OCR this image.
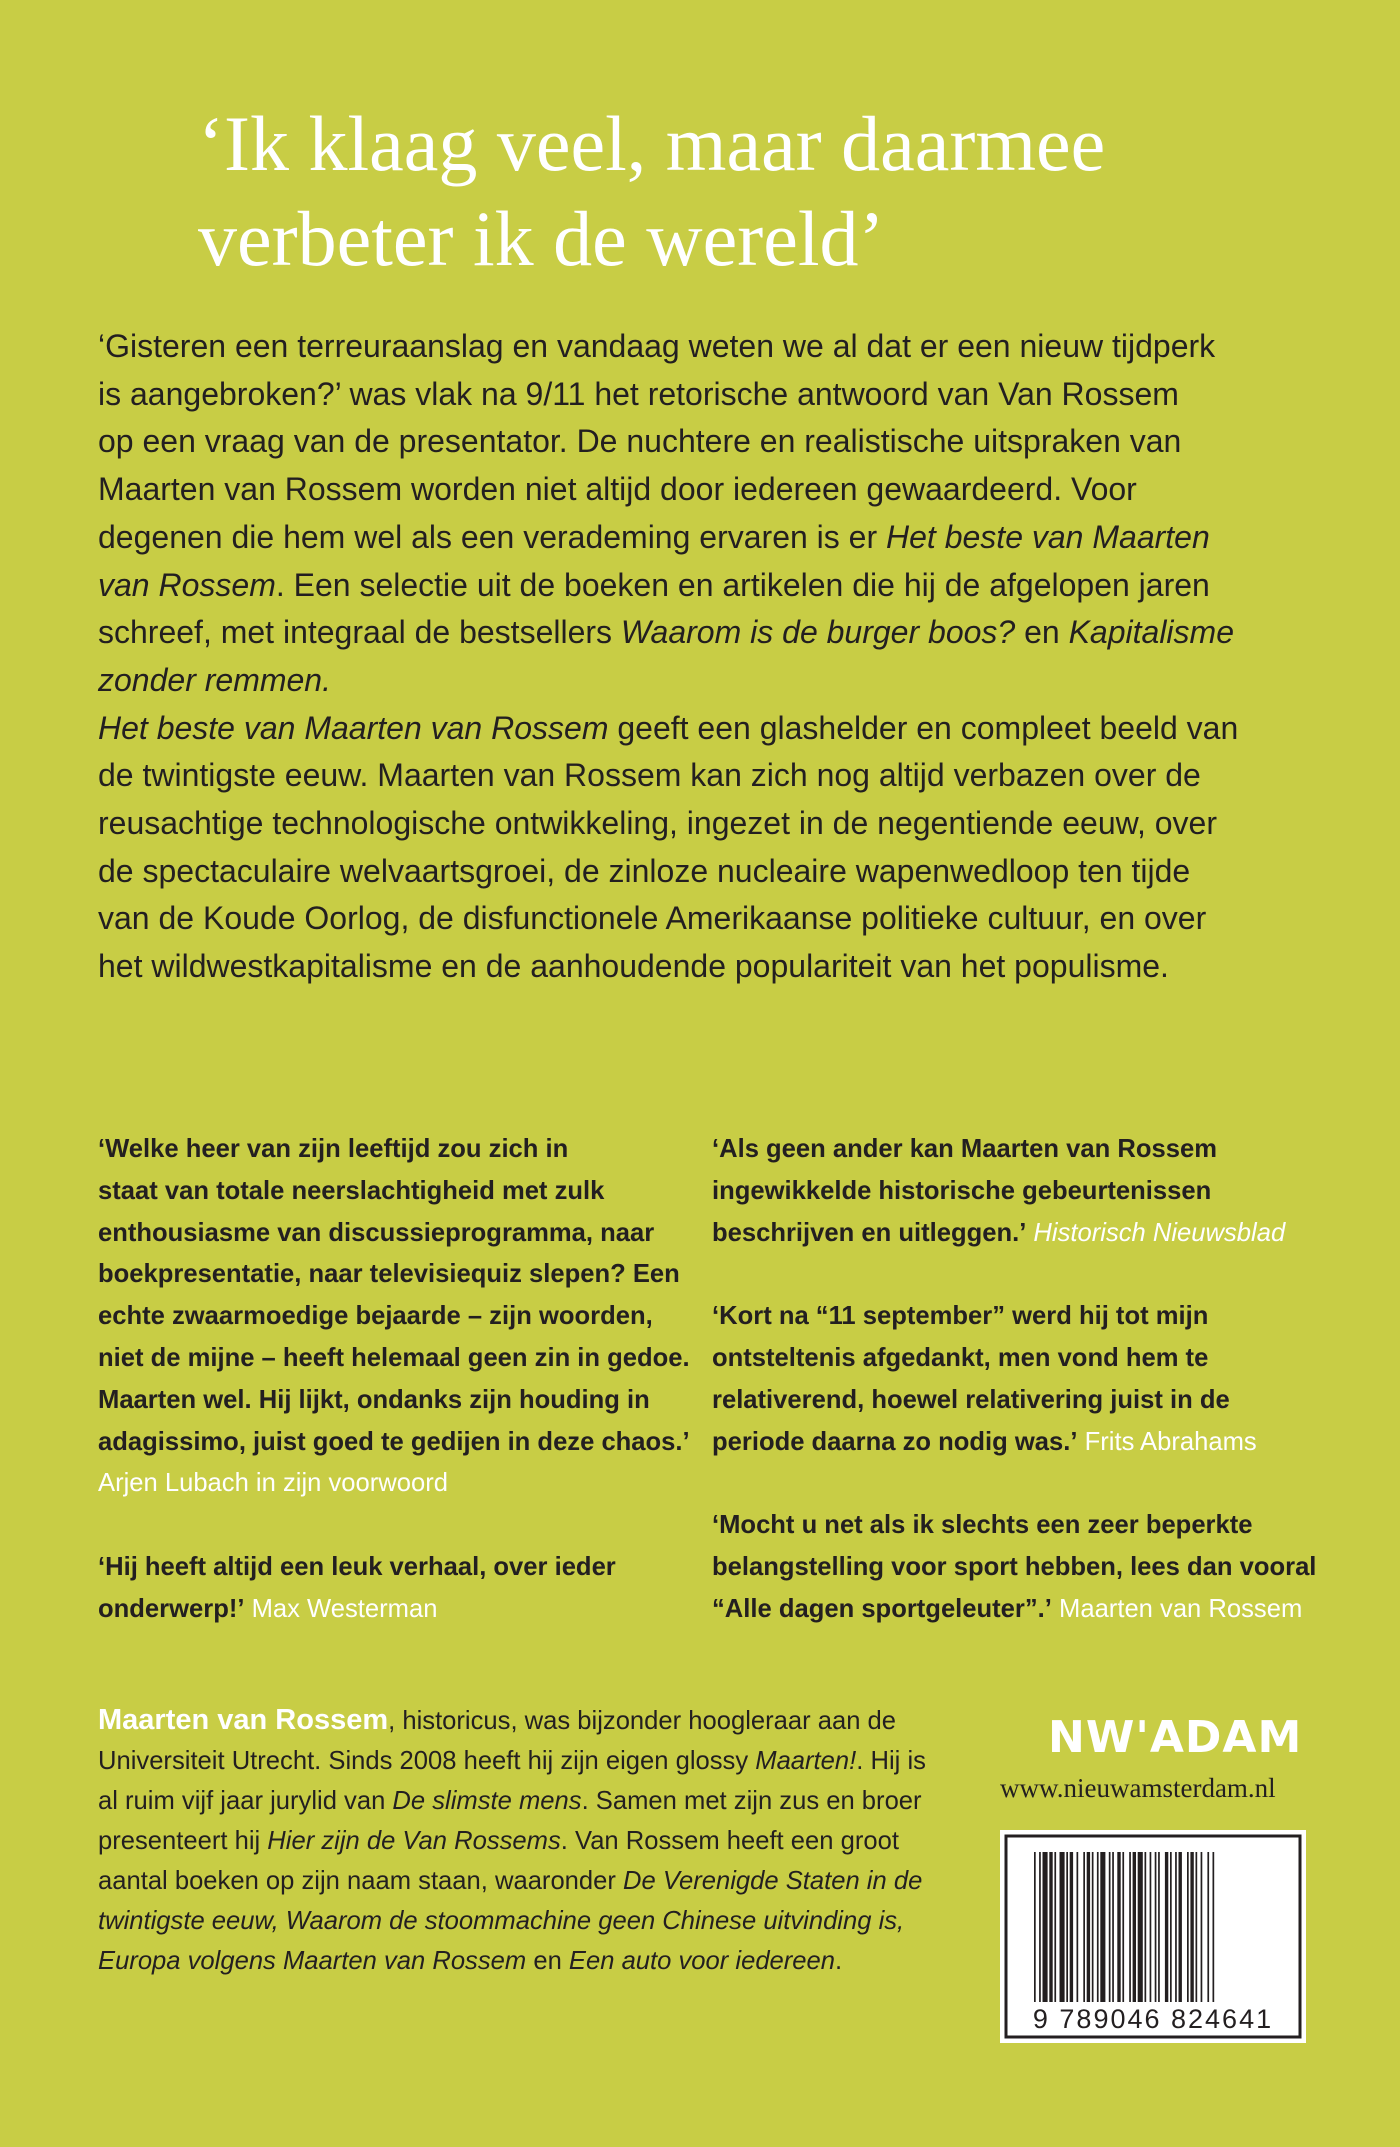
‘Ik klaag veel, maar daarmee
verbeter ik de wereld’
‘Gisteren een terreuraanslag en vandaag weten we al dat er een nieuw tijdperk
is aangebroken?’ was vlak na 9/11 het retorische antwoord van Van Rossem
op een vraag van de presentator. De nuchtere en realistische uitspraken van
Maarten van Rossem worden niet altijd door iedereen gewaardeerd. Voor
degenen die hem wel als een verademing ervaren is er Het beste van Maarten
van Rossem. Een selectie uit de boeken en artikelen die hij de afgelopen jaren
schreef, met integraal de bestsellers Waarom is de burger boos? en Kapitalisme
zonder remmen.
Het beste van Maarten van Rossem geeft een glashelder en compleet beeld van
de twintigste eeuw. Maarten van Rossem kan zich nog altijd verbazen over de
reusachtige technologische ontwikkeling, ingezet in de negentiende eeuw, over
de spectaculaire welvaartsgroei, de zinloze nucleaire wapenwedloop ten tijde
van de Koude Oorlog, de disfunctionele Amerikaanse politieke cultuur, en over
het wildwestkapitalisme en de aanhoudende populariteit van het populisme.
‘Welke heer van zijn leeftijd zou zich in
staat van totale neerslachtigheid met zulk
enthousiasme van discussieprogramma, naar
boekpresentatie, naar televisiequiz slepen? Een
echte zwaarmoedige bejaarde – zijn woorden,
niet de mijne – heeft helemaal geen zin in gedoe.
Maarten wel. Hij lijkt, ondanks zijn houding in
adagissimo, juist goed te gedijen in deze chaos.’
Arjen Lubach in zijn voorwoord
‘Hij heeft altijd een leuk verhaal, over ieder
onderwerp!’ Max Westerman
‘Als geen ander kan Maarten van Rossem
ingewikkelde historische gebeurtenissen
beschrijven en uitleggen.’ Historisch Nieuwsblad
‘Kort na “11 september” werd hij tot mijn
ontsteltenis afgedankt, men vond hem te
relativerend, hoewel relativering juist in de
periode daarna zo nodig was.’ Frits Abrahams
‘Mocht u net als ik slechts een zeer beperkte
belangstelling voor sport hebben, lees dan vooral
“Alle dagen sportgeleuter”.’ Maarten van Rossem
NW'ADAM
www.nieuwamsterdam.nl
Maarten van Rossem, historicus, was bijzonder hoogleraar aan de
Universiteit Utrecht. Sinds 2008 heeft hij zijn eigen glossy Maarten!. Hij is
al ruim vijf jaar jurylid van De slimste mens. Samen met zijn zus en broer
presenteert hij Hier zijn de Van Rossems. Van Rossem heeft een groot
aantal boeken op zijn naam staan, waaronder De Verenigde Staten in de
twintigste eeuw, Waarom de stoommachine geen Chinese uitvinding is,
Europa volgens Maarten van Rossem en Een auto voor iedereen.
9 789046 824641
